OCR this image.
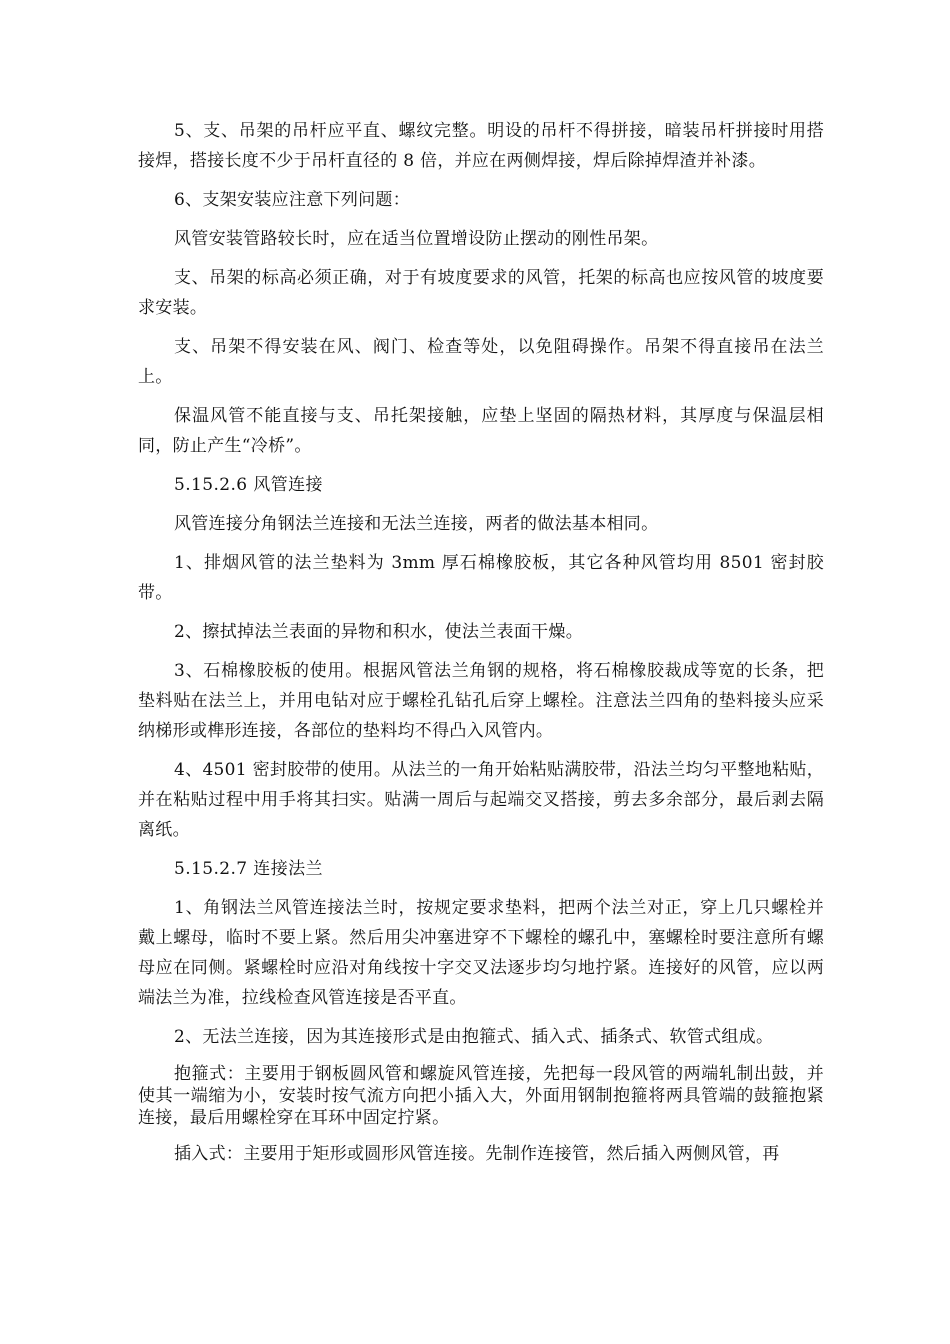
5、支、吊架的吊杆应平直、螺纹完整。明设的吊杆不得拼接，暗装吊杆拼接时用搭接焊，搭接长度不少于吊杆直径的 8 倍，并应在两侧焊接，焊后除掉焊渣并补漆。

6、支架安装应注意下列问题：

风管安装管路较长时，应在适当位置增设防止摆动的刚性吊架。

支、吊架的标高必须正确，对于有坡度要求的风管，托架的标高也应按风管的坡度要求安装。

支、吊架不得安装在风、阀门、检查等处，以免阻碍操作。吊架不得直接吊在法兰上。

保温风管不能直接与支、吊托架接触，应垫上坚固的隔热材料，其厚度与保温层相同，防止产生“冷桥”。

5.15.2.6 风管连接

风管连接分角钢法兰连接和无法兰连接，两者的做法基本相同。

1、排烟风管的法兰垫料为 3mm 厚石棉橡胶板，其它各种风管均用 8501 密封胶带。

2、擦拭掉法兰表面的异物和积水，使法兰表面干燥。

3、石棉橡胶板的使用。根据风管法兰角钢的规格，将石棉橡胶裁成等宽的长条，把垫料贴在法兰上，并用电钻对应于螺栓孔钻孔后穿上螺栓。注意法兰四角的垫料接头应采纳梯形或榫形连接，各部位的垫料均不得凸入风管内。

4、4501 密封胶带的使用。从法兰的一角开始粘贴满胶带，沿法兰均匀平整地粘贴，并在粘贴过程中用手将其扫实。贴满一周后与起端交叉搭接，剪去多余部分，最后剥去隔离纸。

5.15.2.7 连接法兰

1、角钢法兰风管连接法兰时，按规定要求垫料，把两个法兰对正，穿上几只螺栓并戴上螺母，临时不要上紧。然后用尖冲塞进穿不下螺栓的螺孔中，塞螺栓时要注意所有螺母应在同侧。紧螺栓时应沿对角线按十字交叉法逐步均匀地拧紧。连接好的风管，应以两端法兰为准，拉线检查风管连接是否平直。

2、无法兰连接，因为其连接形式是由抱箍式、插入式、插条式、软管式组成。

抱箍式：主要用于钢板圆风管和螺旋风管连接，先把每一段风管的两端轧制出鼓，并使其一端缩为小，安装时按气流方向把小插入大，外面用钢制抱箍将两具管端的鼓箍抱紧连接，最后用螺栓穿在耳环中固定拧紧。

插入式：主要用于矩形或圆形风管连接。先制作连接管，然后插入两侧风管，再
